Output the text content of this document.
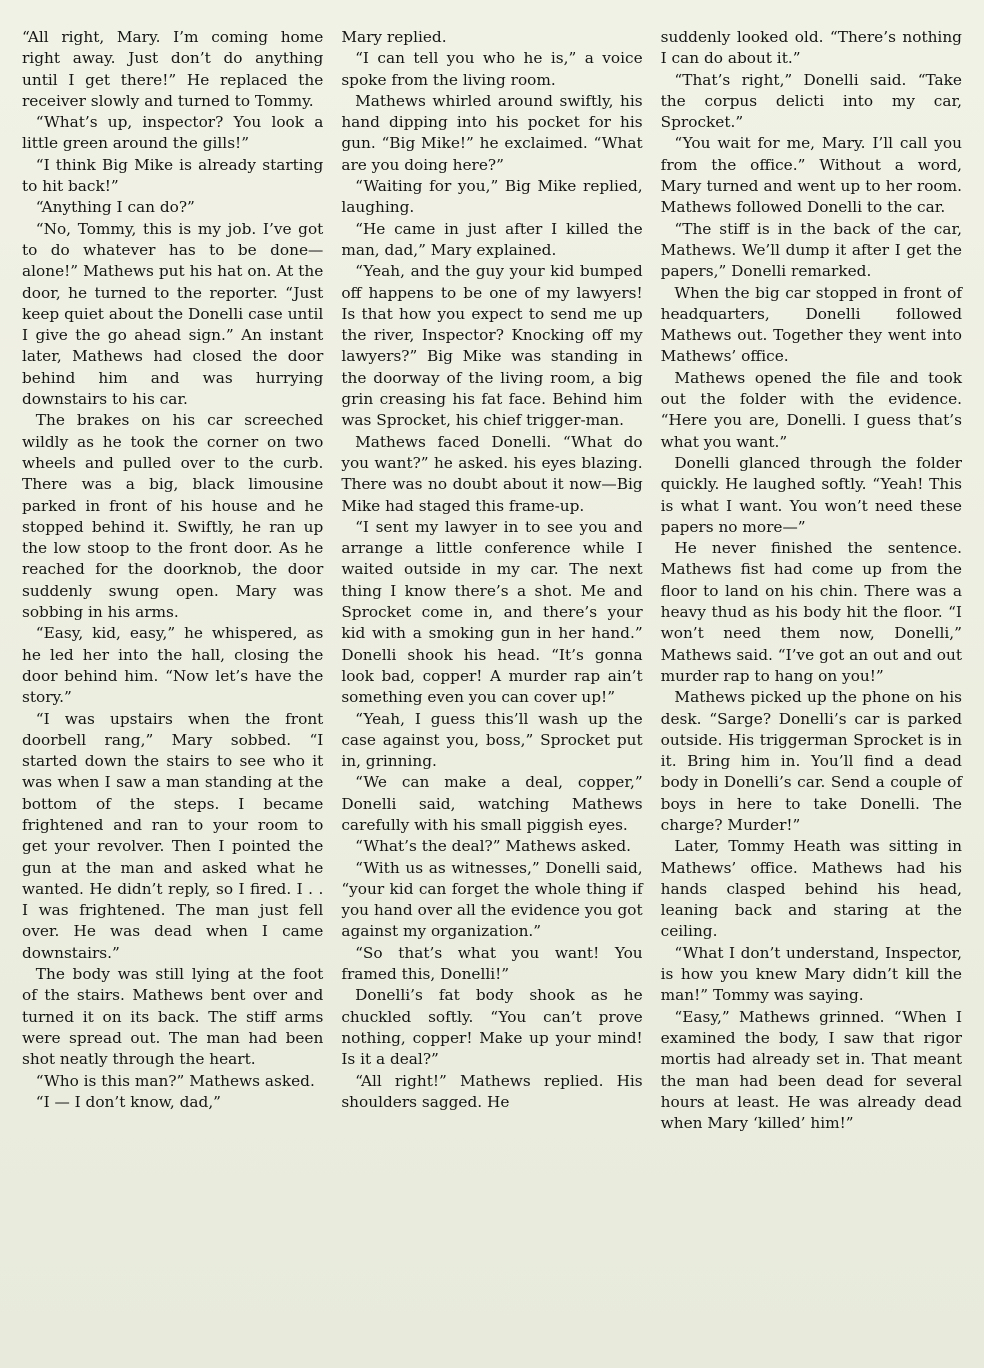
“All right, Mary. I’m coming home right away. Just don’t do anything until I get there!” He replaced the receiver slowly and turned to Tommy.

“What’s up, inspector? You look a little green around the gills!”

“I think Big Mike is already starting to hit back!”

“Anything I can do?”

“No, Tommy, this is my job. I’ve got to do whatever has to be done—alone!” Mathews put his hat on. At the door, he turned to the reporter. “Just keep quiet about the Donelli case until I give the go ahead sign.” An instant later, Mathews had closed the door behind him and was hurrying downstairs to his car.

The brakes on his car screeched wildly as he took the corner on two wheels and pulled over to the curb. There was a big, black limousine parked in front of his house and he stopped behind it. Swiftly, he ran up the low stoop to the front door. As he reached for the doorknob, the door suddenly swung open. Mary was sobbing in his arms.

“Easy, kid, easy,” he whispered, as he led her into the hall, closing the door behind him. “Now let’s have the story.”

“I was upstairs when the front doorbell rang,” Mary sobbed. “I started down the stairs to see who it was when I saw a man standing at the bottom of the steps. I became frightened and ran to your room to get your revolver. Then I pointed the gun at the man and asked what he wanted. He didn’t reply, so I fired. I . . I was frightened. The man just fell over. He was dead when I came downstairs.”

The body was still lying at the foot of the stairs. Mathews bent over and turned it on its back. The stiff arms were spread out. The man had been shot neatly through the heart.

“Who is this man?” Mathews asked.

“I — I don’t know, dad,”

Mary replied.

“I can tell you who he is,” a voice spoke from the living room.

Mathews whirled around swiftly, his hand dipping into his pocket for his gun. “Big Mike!” he exclaimed. “What are you doing here?”

“Waiting for you,” Big Mike replied, laughing.

“He came in just after I killed the man, dad,” Mary explained.

“Yeah, and the guy your kid bumped off happens to be one of my lawyers! Is that how you expect to send me up the river, Inspector? Knocking off my lawyers?” Big Mike was standing in the doorway of the living room, a big grin creasing his fat face. Behind him was Sprocket, his chief trigger-man.

Mathews faced Donelli. “What do you want?” he asked. his eyes blazing. There was no doubt about it now—Big Mike had staged this frame-up.

“I sent my lawyer in to see you and arrange a little conference while I waited outside in my car. The next thing I know there’s a shot. Me and Sprocket come in, and there’s your kid with a smoking gun in her hand.” Donelli shook his head. “It’s gonna look bad, copper! A murder rap ain’t something even you can cover up!”

“Yeah, I guess this’ll wash up the case against you, boss,” Sprocket put in, grinning.

“We can make a deal, copper,” Donelli said, watching Mathews carefully with his small piggish eyes.

“What’s the deal?” Mathews asked.

“With us as witnesses,” Donelli said, “your kid can forget the whole thing if you hand over all the evidence you got against my organization.”

“So that’s what you want! You framed this, Donelli!”

Donelli’s fat body shook as he chuckled softly. “You can’t prove nothing, copper! Make up your mind! Is it a deal?”

“All right!” Mathews replied. His shoulders sagged. He

suddenly looked old. “There’s nothing I can do about it.”

“That’s right,” Donelli said. “Take the corpus delicti into my car, Sprocket.”

“You wait for me, Mary. I’ll call you from the office.” Without a word, Mary turned and went up to her room. Mathews followed Donelli to the car.

“The stiff is in the back of the car, Mathews. We’ll dump it after I get the papers,” Donelli remarked.

When the big car stopped in front of headquarters, Donelli followed Mathews out. Together they went into Mathews’ office.

Mathews opened the file and took out the folder with the evidence. “Here you are, Donelli. I guess that’s what you want.”

Donelli glanced through the folder quickly. He laughed softly. “Yeah! This is what I want. You won’t need these papers no more—”

He never finished the sentence. Mathews fist had come up from the floor to land on his chin. There was a heavy thud as his body hit the floor. “I won’t need them now, Donelli,” Mathews said. “I’ve got an out and out murder rap to hang on you!”

Mathews picked up the phone on his desk. “Sarge? Donelli’s car is parked outside. His triggerman Sprocket is in it. Bring him in. You’ll find a dead body in Donelli’s car. Send a couple of boys in here to take Donelli. The charge? Murder!”

Later, Tommy Heath was sitting in Mathews’ office. Mathews had his hands clasped behind his head, leaning back and staring at the ceiling.

“What I don’t understand, Inspector, is how you knew Mary didn’t kill the man!” Tommy was saying.

“Easy,” Mathews grinned. “When I examined the body, I saw that rigor mortis had already set in. That meant the man had been dead for several hours at least. He was already dead when Mary ‘killed’ him!”
